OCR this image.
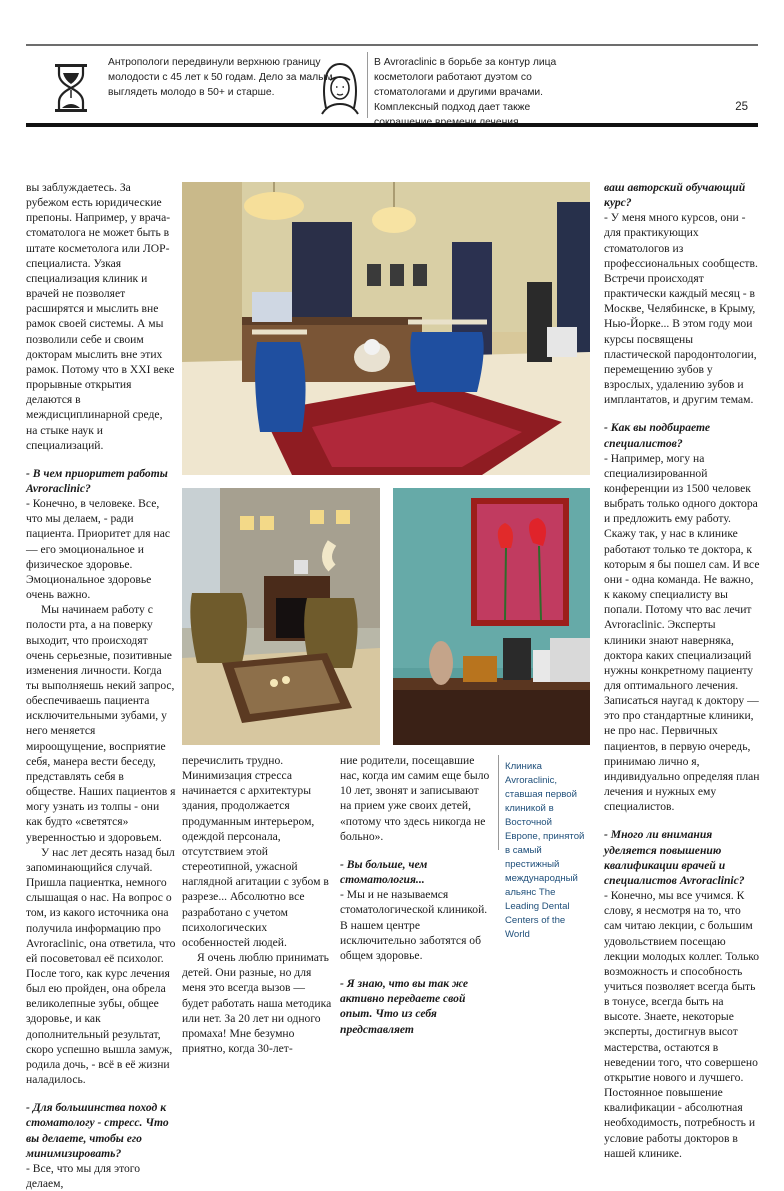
Антропологи передвинули верхнюю границу молодости с 45 лет к 50 годам. Дело за малым — выглядеть молодо в 50+ и старше.
В Avroraclinic в борьбе за контур лица косметологи работают дуэтом со стоматологами и другими врачами. Комплексный подход дает также	25

вы заблуждаетесь. За рубежом есть юридические препоны. Например, у врача-стоматолога не может быть в штате косметолога или ЛОР-специалиста. Узкая специализация клиник и врачей не позволяет расширятся и мыслить вне рамок своей системы. А мы позволили себе и своим докторам мыслить вне этих рамок. Потому что в XXI веке прорывные открытия делаются в междисциплинарной среде, на стыке наук и специализаций.

- В чем приоритет работы Avroraclinic?

- Конечно, в человеке. Все, что мы делаем, - ради пациента. Приоритет для нас — его эмоциональное и физическое здоровье. Эмоциональное здоровье очень важно.

Мы начинаем работу с полости рта, а на поверку выходит, что происходят очень серьезные, позитивные изменения личности. Когда ты выполняешь некий запрос, обеспечиваешь пациента исключительными зубами, у него меняется мироощущение, восприятие себя, манера вести беседу, представлять себя в обществе. Наших пациентов я могу узнать из толпы - они как будто «светятся» уверенностью и здоровьем.

У нас лет десять назад был запоминающийся случай. Пришла пациентка, немного слышащая о нас. На вопрос о том, из какого источника она получила информацию про Avroraclinic, она ответила, что ей посоветовал её психолог. После того, как курс лечения был ею пройден, она обрела великолепные зубы, общее здоровье, и как дополнительный результат, скоро успешно вышла замуж, родила дочь, - всё в её жизни наладилось.

- Для большинства поход к стоматологу - стресс. Что вы делаете, чтобы его минимизировать?

- Все, что мы для этого делаем,

перечислить трудно. Минимизация стресса начинается с архитектуры здания, продолжается продуманным интерьером, одеждой персонала, отсутствием этой стереотипной, ужасной наглядной агитации с зубом в разрезе... Абсолютно все разработано с учетом психологических особенностей людей.

Я очень люблю принимать детей. Они разные, но для меня это всегда вызов — будет работать наша методика или нет. За 20 лет ни одного промаха! Мне безумно приятно, когда 30-лет-

ние родители, посещавшие нас, когда им самим еще было 10 лет, звонят и записывают на прием уже своих детей, «потому что здесь никогда не больно».

- Вы больше, чем стоматология...

- Мы и не называемся стоматологической клиникой. В нашем центре исключительно заботятся об общем здоровье.

- Я знаю, что вы так же активно передаете свой опыт. Что из себя представляет

Клиника Avroraclinic, ставшая первой клиникой в Восточной Европе, принятой в самый престижный международный альянс The Leading Dental Centers of the World

ваш авторский обучающий курс?

- У меня много курсов, они - для практикующих стоматологов из профессиональных сообществ. Встречи происходят практически каждый месяц - в Москве, Челябинске, в Крыму, Нью-Йорке... В этом году мои курсы посвящены пластической пародонтологии, перемещению зубов у взрослых, удалению зубов и имплантатов, и другим темам.

- Как вы подбираете специалистов?

- Например, могу на специализированной конференции из 1500 человек выбрать только одного доктора и предложить ему работу. Скажу так, у нас в клинике работают только те доктора, к которым я бы пошел сам. И все они - одна команда. Не важно, к какому специалисту вы попали. Потому что вас лечит Avroraclinic. Эксперты клиники знают наверняка, доктора каких специализаций нужны конкретному пациенту для оптимального лечения. Записаться наугад к доктору — это про стандартные клиники, не про нас. Первичных пациентов, в первую очередь, принимаю лично я, индивидуально определяя план лечения и нужных ему специалистов.

- Много ли внимания уделяется повышению квалификации врачей и специалистов Avroraclinic?

- Конечно, мы все учимся. К слову, я несмотря на то, что сам читаю лекции, с большим удовольствием посещаю лекции молодых коллег. Только возможность и способность учиться позволяет всегда быть в тонусе, всегда быть на высоте. Знаете, некоторые эксперты, достигнув высот мастерства, остаются в неведении того, что совершено открытие нового и лучшего. Постоянное повышение квалификации - абсолютная необходимость, потребность и условие работы докторов в нашей клинике.
